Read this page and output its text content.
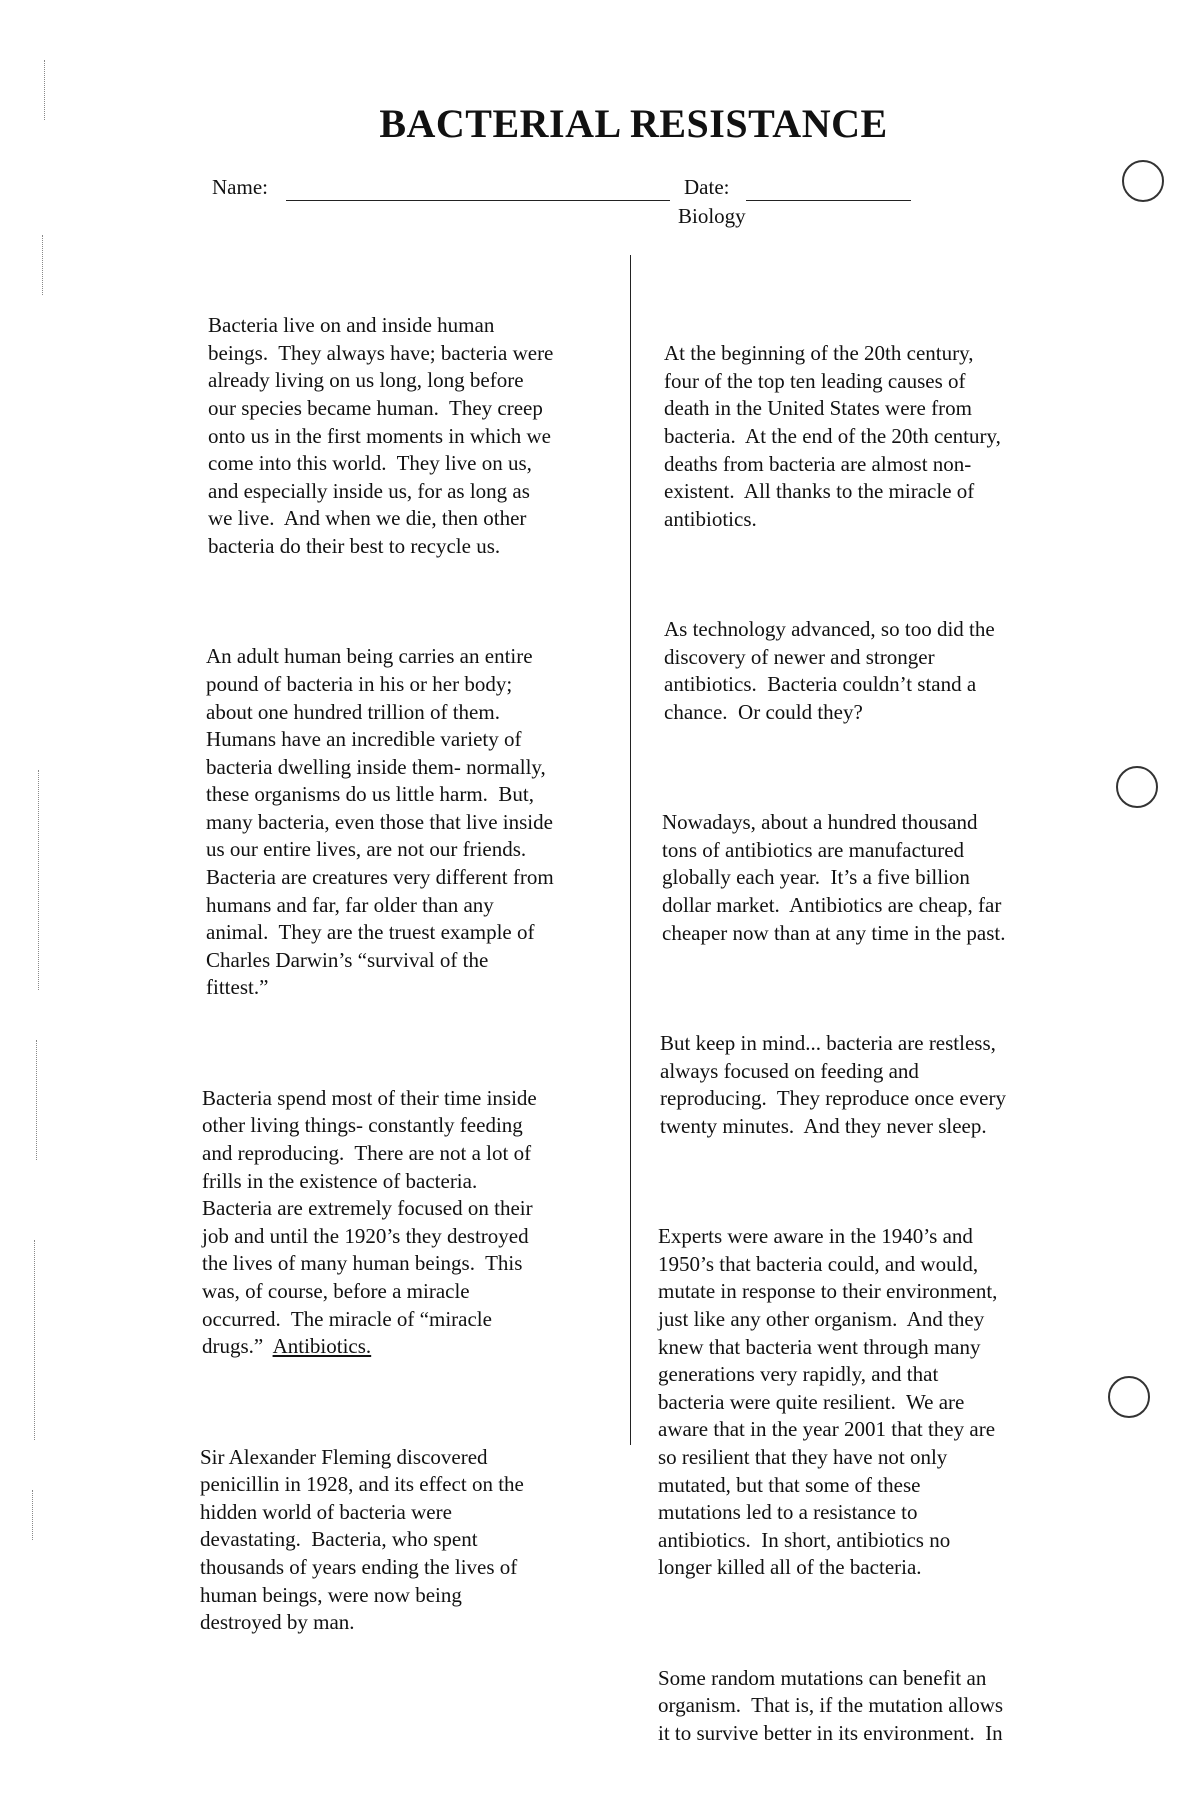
BACTERIAL RESISTANCE
Name:	Date:
Biology

Bacteria live on and inside human
beings.  They always have; bacteria were
already living on us long, long before
our species became human.  They creep
onto us in the first moments in which we
come into this world.  They live on us,
and especially inside us, for as long as
we live.  And when we die, then other
bacteria do their best to recycle us.

An adult human being carries an entire
pound of bacteria in his or her body;
about one hundred trillion of them.
Humans have an incredible variety of
bacteria dwelling inside them- normally,
these organisms do us little harm.  But,
many bacteria, even those that live inside
us our entire lives, are not our friends.
Bacteria are creatures very different from
humans and far, far older than any
animal.  They are the truest example of
Charles Darwin’s “survival of the
fittest.”

Bacteria spend most of their time inside
other living things- constantly feeding
and reproducing.  There are not a lot of
frills in the existence of bacteria.
Bacteria are extremely focused on their
job and until the 1920’s they destroyed
the lives of many human beings.  This
was, of course, before a miracle
occurred.  The miracle of “miracle
drugs.”  Antibiotics.

Sir Alexander Fleming discovered
penicillin in 1928, and its effect on the
hidden world of bacteria were
devastating.  Bacteria, who spent
thousands of years ending the lives of
human beings, were now being
destroyed by man.

At the beginning of the 20th century,
four of the top ten leading causes of
death in the United States were from
bacteria.  At the end of the 20th century,
deaths from bacteria are almost non-
existent.  All thanks to the miracle of
antibiotics.

As technology advanced, so too did the
discovery of newer and stronger
antibiotics.  Bacteria couldn’t stand a
chance.  Or could they?

Nowadays, about a hundred thousand
tons of antibiotics are manufactured
globally each year.  It’s a five billion
dollar market.  Antibiotics are cheap, far
cheaper now than at any time in the past.

But keep in mind... bacteria are restless,
always focused on feeding and
reproducing.  They reproduce once every
twenty minutes.  And they never sleep.

Experts were aware in the 1940’s and
1950’s that bacteria could, and would,
mutate in response to their environment,
just like any other organism.  And they
knew that bacteria went through many
generations very rapidly, and that
bacteria were quite resilient.  We are
aware that in the year 2001 that they are
so resilient that they have not only
mutated, but that some of these
mutations led to a resistance to
antibiotics.  In short, antibiotics no
longer killed all of the bacteria.

Some random mutations can benefit an
organism.  That is, if the mutation allows
it to survive better in its environment.  In
